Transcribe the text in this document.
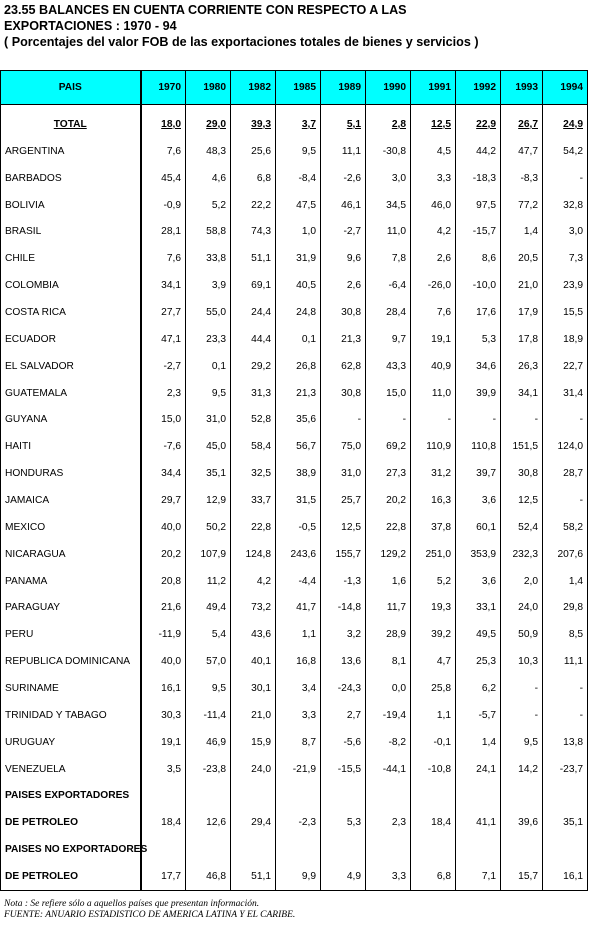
23.55 BALANCES EN CUENTA CORRIENTE CON RESPECTO A LAS
EXPORTACIONES : 1970 - 94
( Porcentajes del valor FOB de las exportaciones totales de bienes y servicios )
PAIS	1970	1980	1982	1985	1989	1990	1991	1992	1993	1994

TOTAL	18,0	29,0	39,3	3,7	5,1	2,8	12,5	22,9	26,7	24,9
ARGENTINA	7,6	48,3	25,6	9,5	11,1	-30,8	4,5	44,2	47,7	54,2
BARBADOS	45,4	4,6	6,8	-8,4	-2,6	3,0	3,3	-18,3	-8,3	-
BOLIVIA	-0,9	5,2	22,2	47,5	46,1	34,5	46,0	97,5	77,2	32,8
BRASIL	28,1	58,8	74,3	1,0	-2,7	11,0	4,2	-15,7	1,4	3,0
CHILE	7,6	33,8	51,1	31,9	9,6	7,8	2,6	8,6	20,5	7,3
COLOMBIA	34,1	3,9	69,1	40,5	2,6	-6,4	-26,0	-10,0	21,0	23,9
COSTA RICA	27,7	55,0	24,4	24,8	30,8	28,4	7,6	17,6	17,9	15,5
ECUADOR	47,1	23,3	44,4	0,1	21,3	9,7	19,1	5,3	17,8	18,9
EL SALVADOR	-2,7	0,1	29,2	26,8	62,8	43,3	40,9	34,6	26,3	22,7
GUATEMALA	2,3	9,5	31,3	21,3	30,8	15,0	11,0	39,9	34,1	31,4
GUYANA	15,0	31,0	52,8	35,6	-	-	-	-	-	-
HAITI	-7,6	45,0	58,4	56,7	75,0	69,2	110,9	110,8	151,5	124,0
HONDURAS	34,4	35,1	32,5	38,9	31,0	27,3	31,2	39,7	30,8	28,7
JAMAICA	29,7	12,9	33,7	31,5	25,7	20,2	16,3	3,6	12,5	-
MEXICO	40,0	50,2	22,8	-0,5	12,5	22,8	37,8	60,1	52,4	58,2
NICARAGUA	20,2	107,9	124,8	243,6	155,7	129,2	251,0	353,9	232,3	207,6
PANAMA	20,8	11,2	4,2	-4,4	-1,3	1,6	5,2	3,6	2,0	1,4
PARAGUAY	21,6	49,4	73,2	41,7	-14,8	11,7	19,3	33,1	24,0	29,8
PERU	-11,9	5,4	43,6	1,1	3,2	28,9	39,2	49,5	50,9	8,5
REPUBLICA DOMINICANA	40,0	57,0	40,1	16,8	13,6	8,1	4,7	25,3	10,3	11,1
SURINAME	16,1	9,5	30,1	3,4	-24,3	0,0	25,8	6,2	-	-
TRINIDAD Y TABAGO	30,3	-11,4	21,0	3,3	2,7	-19,4	1,1	-5,7	-	-
URUGUAY	19,1	46,9	15,9	8,7	-5,6	-8,2	-0,1	1,4	9,5	13,8
VENEZUELA	3,5	-23,8	24,0	-21,9	-15,5	-44,1	-10,8	24,1	14,2	-23,7
PAISES EXPORTADORES										
DE PETROLEO	18,4	12,6	29,4	-2,3	5,3	2,3	18,4	41,1	39,6	35,1
PAISES NO EXPORTADORES										
DE PETROLEO	17,7	46,8	51,1	9,9	4,9	3,3	6,8	7,1	15,7	16,1
Nota : Se refiere sólo a aquellos países que presentan información.
FUENTE: ANUARIO ESTADISTICO DE AMERICA LATINA Y EL CARIBE.
